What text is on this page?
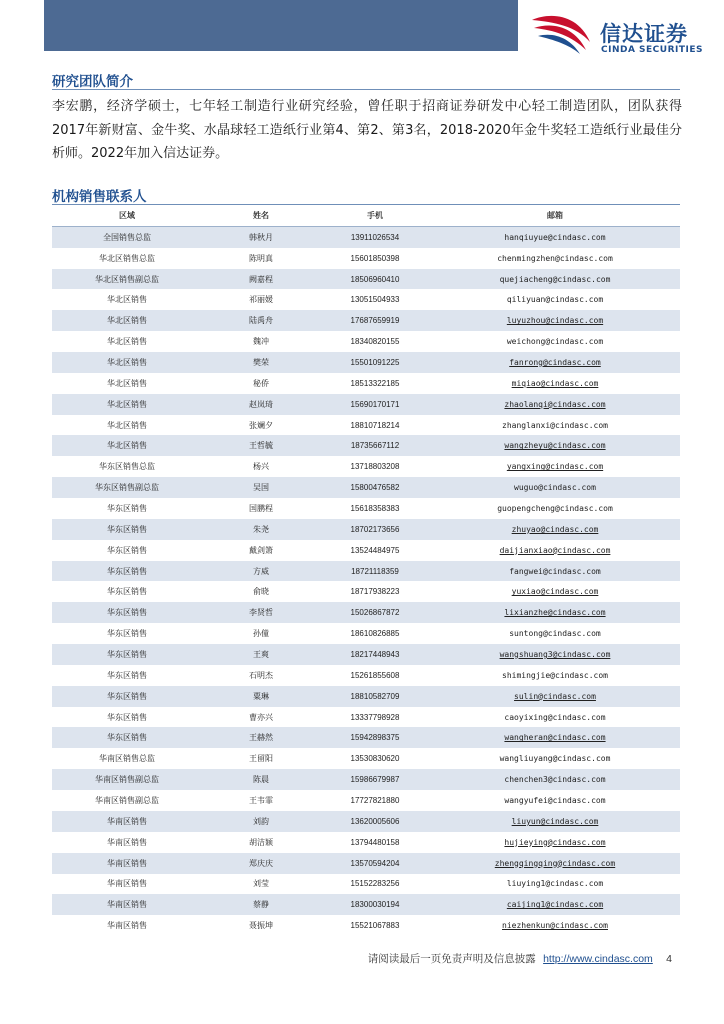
信达证券
CINDA SECURITIES
研究团队简介
李宏鹏，经济学硕士，七年轻工制造行业研究经验，曾任职于招商证券研发中心轻工制造团队，团队获得2017年新财富、金牛奖、水晶球轻工造纸行业第4、第2、第3名，2018-2020年金牛奖轻工造纸行业最佳分析师。2022年加入信达证券。
机构销售联系人
区域	姓名	手机	邮箱
全国销售总监	韩秋月	13911026534	hanqiuyue@cindasc.com
华北区销售总监	陈明真	15601850398	chenmingzhen@cindasc.com
华北区销售副总监	阙嘉程	18506960410	quejiacheng@cindasc.com
华北区销售	祁丽媛	13051504933	qiliyuan@cindasc.com
华北区销售	陆禹舟	17687659919	luyuzhou@cindasc.com
华北区销售	魏冲	18340820155	weichong@cindasc.com
华北区销售	樊荣	15501091225	fanrong@cindasc.com
华北区销售	秘侨	18513322185	miqiao@cindasc.com
华北区销售	赵岚琦	15690170171	zhaolanqi@cindasc.com
华北区销售	张斓夕	18810718214	zhanglanxi@cindasc.com
华北区销售	王哲毓	18735667112	wangzheyu@cindasc.com
华东区销售总监	杨兴	13718803208	yangxing@cindasc.com
华东区销售副总监	吴国	15800476582	wuguo@cindasc.com
华东区销售	国鹏程	15618358383	guopengcheng@cindasc.com
华东区销售	朱尧	18702173656	zhuyao@cindasc.com
华东区销售	戴剑箫	13524484975	daijianxiao@cindasc.com
华东区销售	方威	18721118359	fangwei@cindasc.com
华东区销售	俞晓	18717938223	yuxiao@cindasc.com
华东区销售	李贤哲	15026867872	lixianzhe@cindasc.com
华东区销售	孙僮	18610826885	suntong@cindasc.com
华东区销售	王爽	18217448943	wangshuang3@cindasc.com
华东区销售	石明杰	15261855608	shimingjie@cindasc.com
华东区销售	粟琳	18810582709	sulin@cindasc.com
华东区销售	曹亦兴	13337798928	caoyixing@cindasc.com
华东区销售	王赫然	15942898375	wangheran@cindasc.com
华南区销售总监	王留阳	13530830620	wangliuyang@cindasc.com
华南区销售副总监	陈晨	15986679987	chenchen3@cindasc.com
华南区销售副总监	王韦霏	17727821880	wangyufei@cindasc.com
华南区销售	刘韵	13620005606	liuyun@cindasc.com
华南区销售	胡洁颖	13794480158	hujieying@cindasc.com
华南区销售	郑庆庆	13570594204	zhengqingqing@cindasc.com
华南区销售	刘莹	15152283256	liuying1@cindasc.com
华南区销售	蔡静	18300030194	caijing1@cindasc.com
华南区销售	聂振坤	15521067883	niezhenkun@cindasc.com
请阅读最后一页免责声明及信息披露 http://www.cindasc.com 4
